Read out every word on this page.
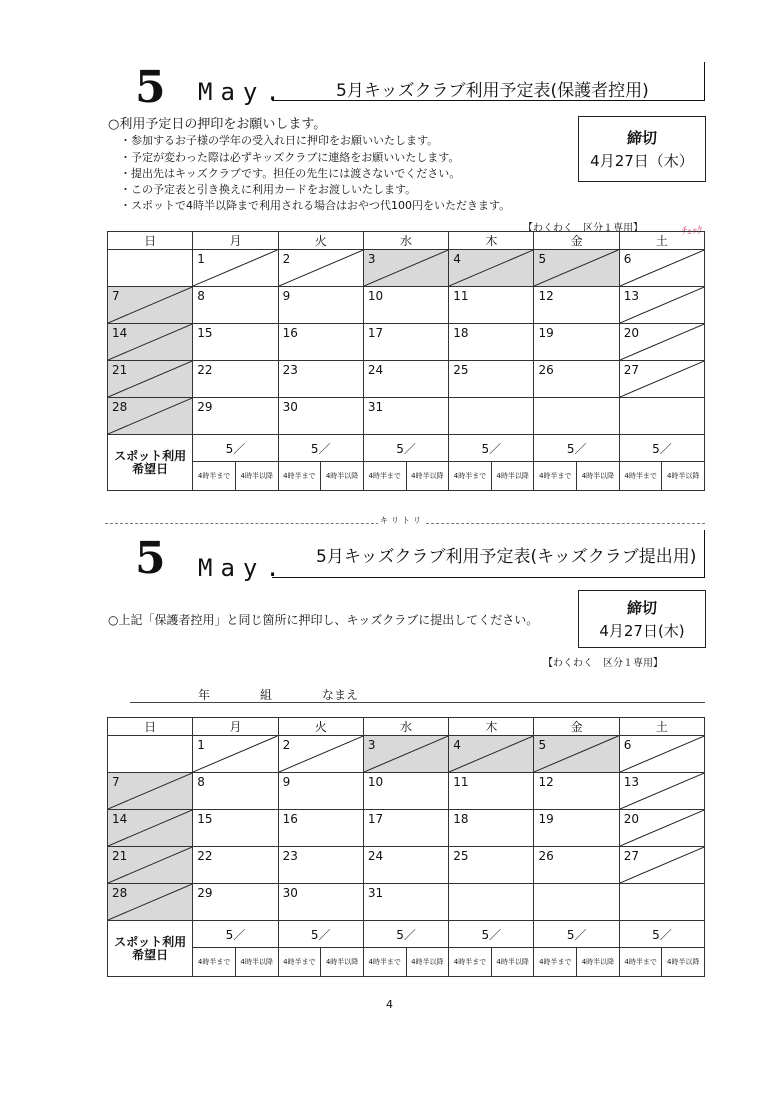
5 May.	5月キッズクラブ利用予定表(保護者控用)
○利用予定日の押印をお願いします。
・参加するお子様の学年の受入れ日に押印をお願いいたします。
・予定が変わった際は必ずキッズクラブに連絡をお願いいたします。
・提出先はキッズクラブです。担任の先生には渡さないでください。
・この予定表と引き換えに利用カードをお渡しいたします。
・スポットで4時半以降まで利用される場合はおやつ代100円をいただきます。
締切
4月27日（木）
【わくわく　区分１専用】	ﾁｪｯｸ
日	月		火		水		木		金		土	

	1		2		3		4		5		6	

7	8		9		10		11		12		13	

14	15		16		17		18		19		20	

21	22		23		24		25		26		27	

28	29		30		31							

スポット利用
希望日	5／		5／		5／		5／		5／		5／	
	4時半まで	4時半以降	4時半まで	4時半以降	4時半まで	4時半以降	4時半まで	4時半以降	4時半まで	4時半以降	4時半まで	4時半以降
キリトリ
5 May. 5月キッズクラブ利用予定表(キッズクラブ提出用)
○上記「保護者控用」と同じ箇所に押印し、キッズクラブに提出してください。
締切
4月27日(木)
【わくわく　区分１専用】
年	組	なまえ
日	月		火		水		木		金		土	

	1		2		3		4		5		6	

7	8		9		10		11		12		13	

14	15		16		17		18		19		20	

21	22		23		24		25		26		27	

28	29		30		31							

スポット利用
希望日	5／		5／		5／		5／		5／		5／	
	4時半まで	4時半以降	4時半まで	4時半以降	4時半まで	4時半以降	4時半まで	4時半以降	4時半まで	4時半以降	4時半まで	4時半以降
4
